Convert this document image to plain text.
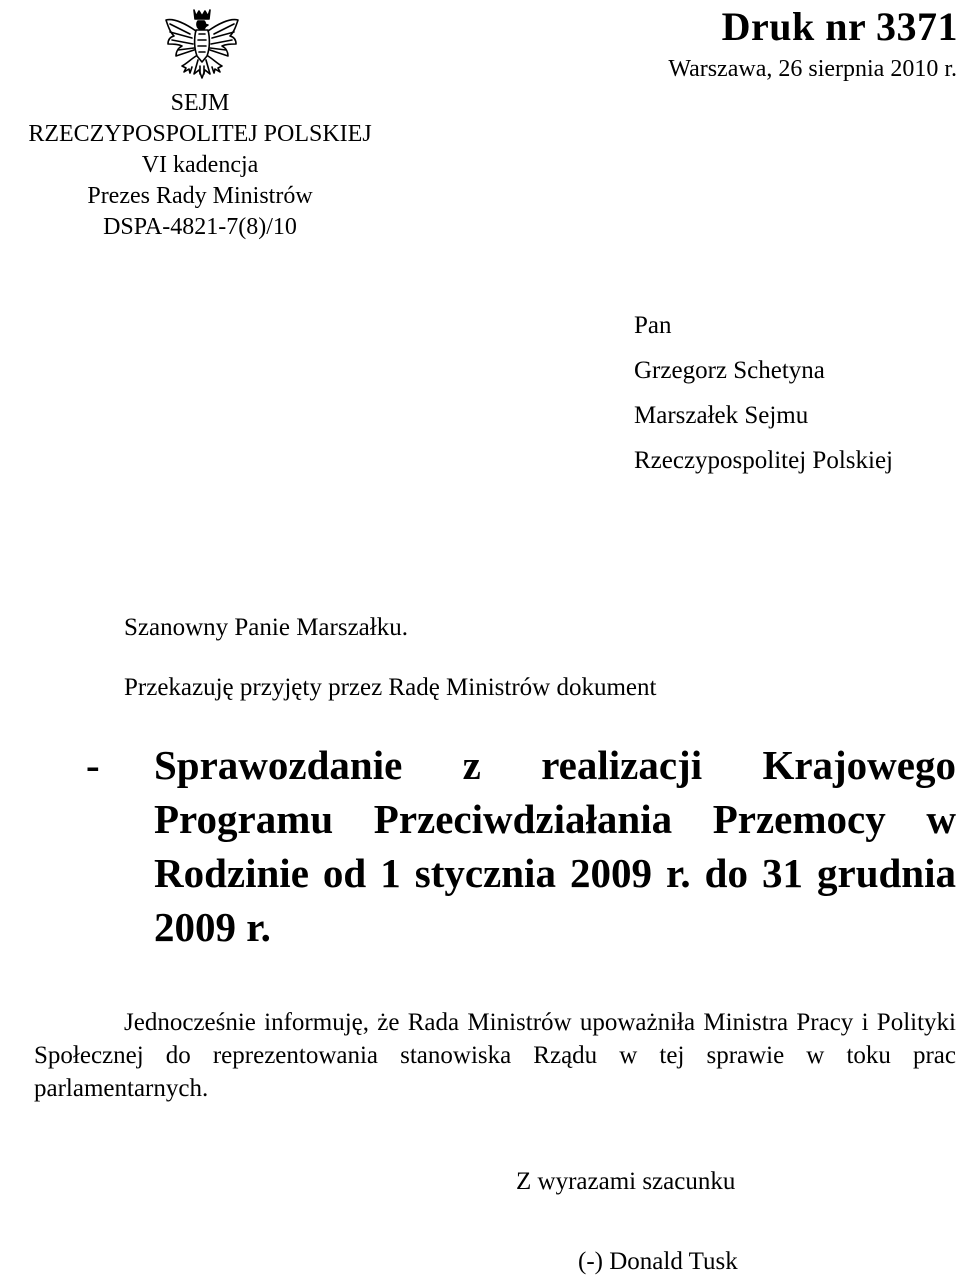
SEJM
RZECZYPOSPOLITEJ POLSKIEJ
VI kadencja
Prezes Rady Ministrów
DSPA-4821-7(8)/10
Druk nr 3371
Warszawa, 26 sierpnia 2010 r.
Pan
Grzegorz Schetyna
Marszałek Sejmu
Rzeczypospolitej Polskiej
Szanowny Panie Marszałku.
Przekazuję przyjęty przez Radę Ministrów dokument
- Sprawozdanie z realizacji Krajowego Programu Przeciwdziałania Przemocy w Rodzinie od 1 stycznia 2009 r. do 31 grudnia 2009 r.
Jednocześnie informuję, że Rada Ministrów upoważniła Ministra Pracy i Polityki Społecznej do reprezentowania stanowiska Rządu w tej sprawie w toku prac parlamentarnych.
Z wyrazami szacunku
(-) Donald Tusk
